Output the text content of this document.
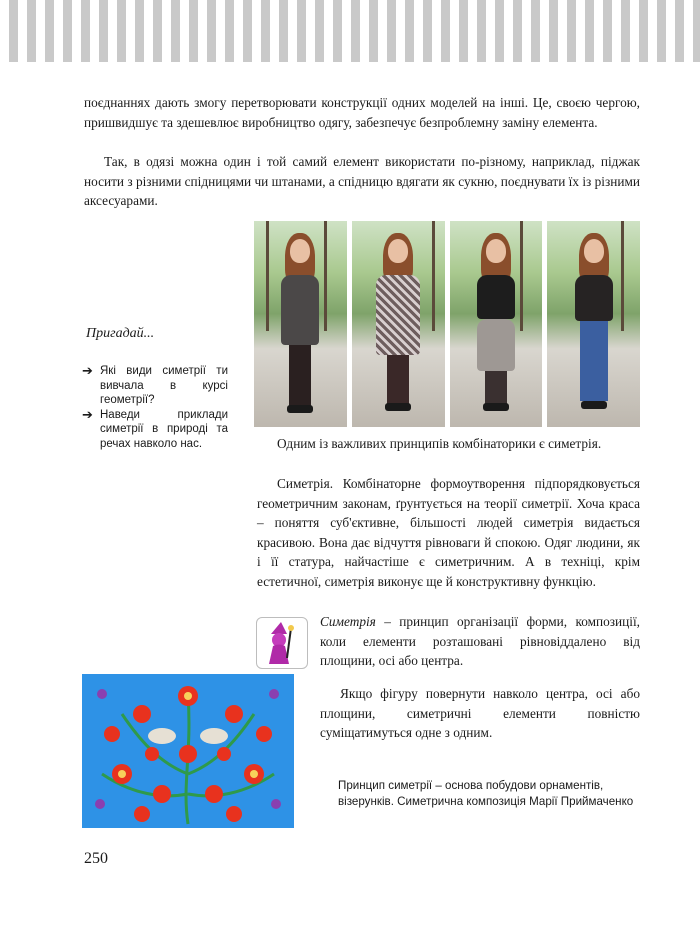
поєднаннях дають змогу перетворювати конструкції одних моделей на інші. Це, своєю чергою, пришвидшує та здешевлює виробництво одягу, забезпечує безпроблемну заміну елемента.

Так, в одязі можна один і той самий елемент використати по-різному, наприклад, піджак носити з різними спідницями чи штанами, а спідницю вдягати як сукню, поєднувати їх із різними аксесуарами.

Пригадай...
➔ Які види симетрії ти вивчала в курсі геометрії?
➔ Наведи приклади симетрії в природі та речах навколо нас.	Одним із важливих принципів комбінаторики є симетрія.

Симетрія. Комбінаторне формоутворення підпорядковується геометричним законам, ґрунтується на теорії симетрії. Хоча краса – поняття суб'єктивне, більшості людей симетрія видається красивою. Вона дає відчуття рівноваги й спокою. Одяг людини, як і її статура, найчастіше є симетричним. А в техніці, крім естетичної, симетрія виконує ще й конструктивну функцію.

Симетрія – принцип організації форми, композиції, коли елементи розташовані рівновіддалено від площини, осі або центра.

Якщо фігуру повернути навколо центра, осі або площини, симетричні елементи повністю суміщатимуться одне з одним.

Принцип симетрії – основа побудови орнаментів, візерунків. Симетрична композиція Марії Приймаченко

250
